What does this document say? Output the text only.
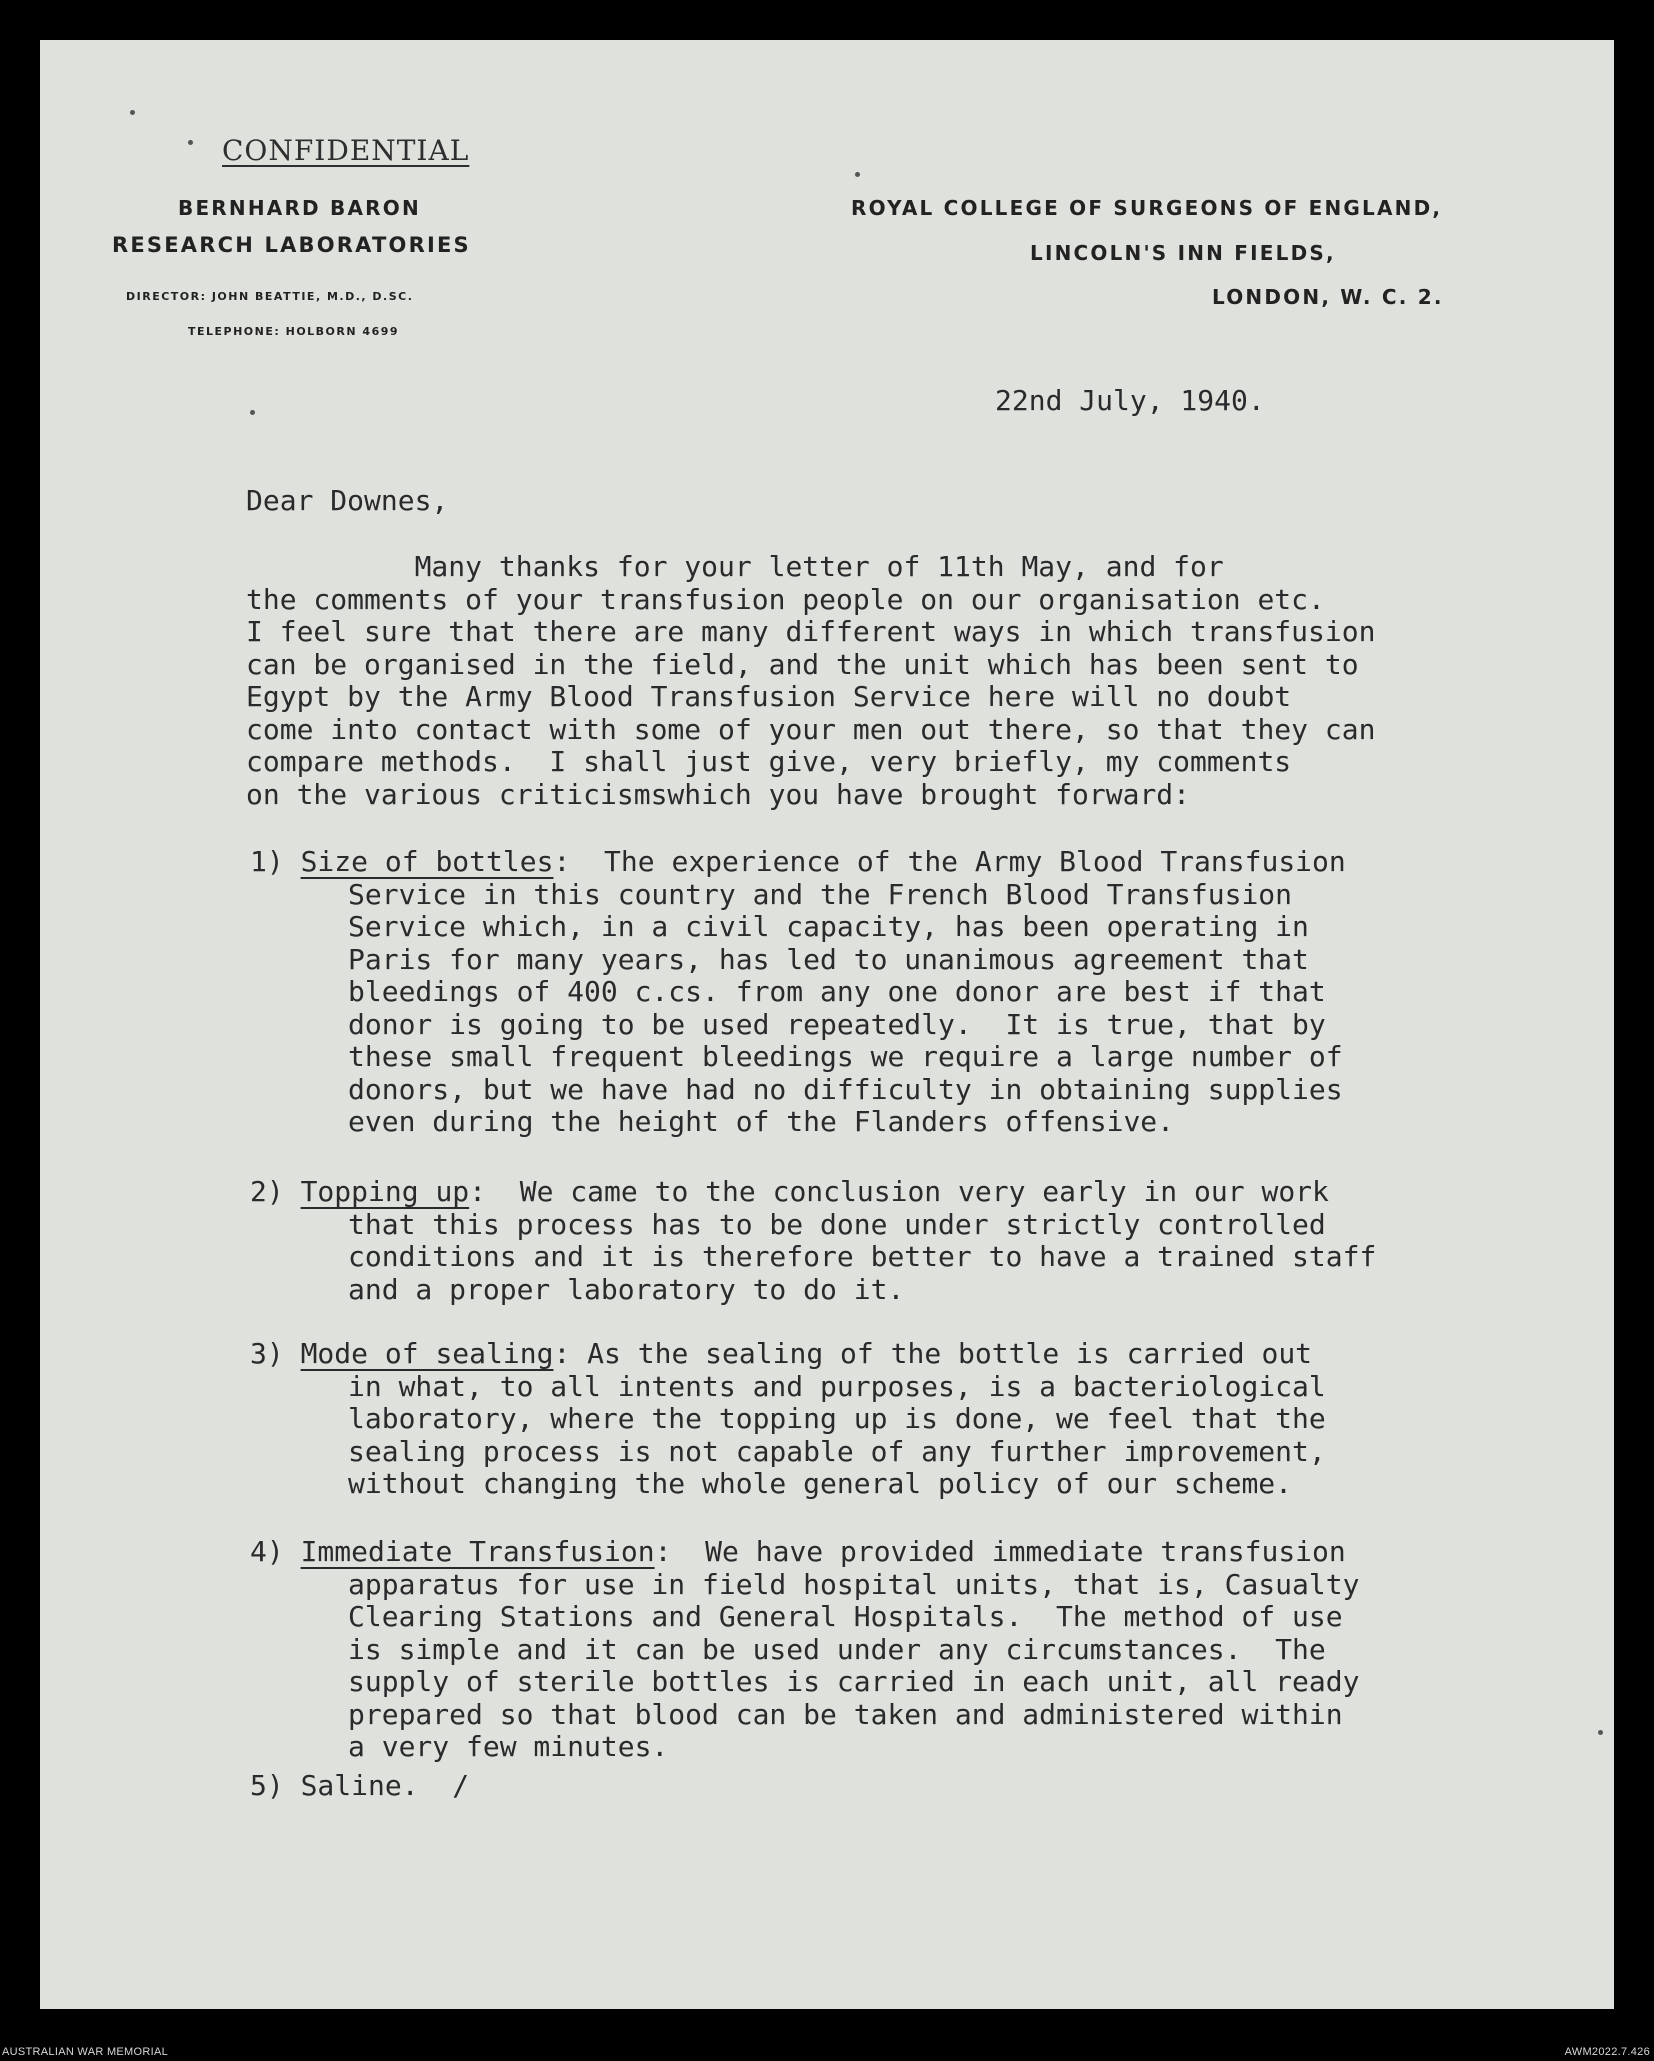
CONFIDENTIAL
BERNHARD BARON
RESEARCH LABORATORIES
DIRECTOR: JOHN BEATTIE, M.D., D.SC.
TELEPHONE: HOLBORN 4699
ROYAL COLLEGE OF SURGEONS OF ENGLAND,
LINCOLN'S INN FIELDS,
LONDON, W. C. 2.
22nd July, 1940.
Dear Downes,
Many thanks for your letter of 11th May, and for
the comments of your transfusion people on our organisation etc.
I feel sure that there are many different ways in which transfusion
can be organised in the field, and the unit which has been sent to
Egypt by the Army Blood Transfusion Service here will no doubt
come into contact with some of your men out there, so that they can
compare methods.  I shall just give, very briefly, my comments
on the various criticismswhich you have brought forward:
1) Size of bottles:  The experience of the Army Blood Transfusion
Service in this country and the French Blood Transfusion
Service which, in a civil capacity, has been operating in
Paris for many years, has led to unanimous agreement that
bleedings of 400 c.cs. from any one donor are best if that
donor is going to be used repeatedly.  It is true, that by
these small frequent bleedings we require a large number of
donors, but we have had no difficulty in obtaining supplies
even during the height of the Flanders offensive.
2) Topping up:  We came to the conclusion very early in our work
that this process has to be done under strictly controlled
conditions and it is therefore better to have a trained staff
and a proper laboratory to do it.
3) Mode of sealing: As the sealing of the bottle is carried out
in what, to all intents and purposes, is a bacteriological
laboratory, where the topping up is done, we feel that the
sealing process is not capable of any further improvement,
without changing the whole general policy of our scheme.
4) Immediate Transfusion:  We have provided immediate transfusion
apparatus for use in field hospital units, that is, Casualty
Clearing Stations and General Hospitals.  The method of use
is simple and it can be used under any circumstances.  The
supply of sterile bottles is carried in each unit, all ready
prepared so that blood can be taken and administered within
a very few minutes.
5) Saline.  /
AUSTRALIAN WAR MEMORIAL	AWM2022.7.426
